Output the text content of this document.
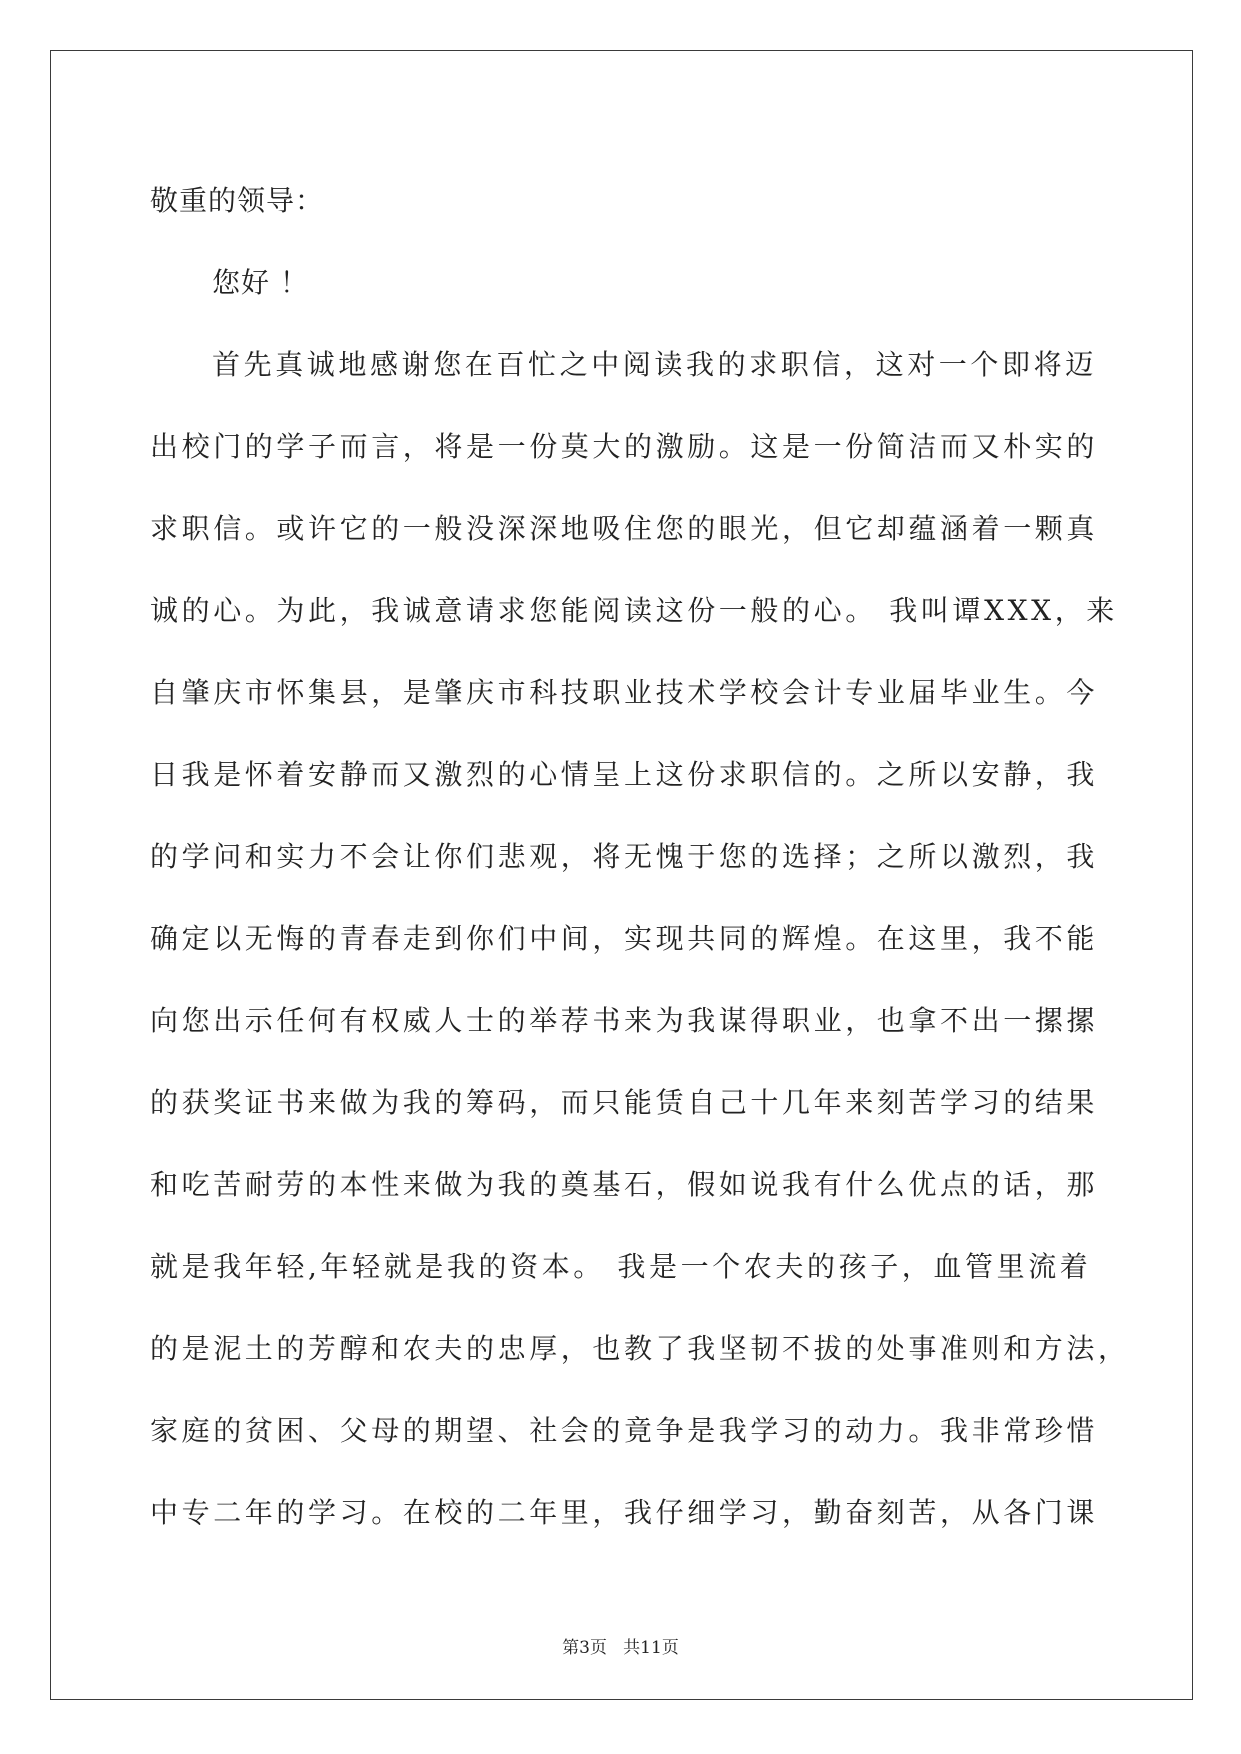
敬重的领导：

您好 ！

首先真诚地感谢您在百忙之中阅读我的求职信，这对一个即将迈

出校门的学子而言，将是一份莫大的激励。这是一份简洁而又朴实的

求职信。或许它的一般没深深地吸住您的眼光，但它却蕴涵着一颗真

诚的心。为此，我诚意请求您能阅读这份一般的心。 我叫谭XXX，来

自肇庆市怀集县，是肇庆市科技职业技术学校会计专业届毕业生。今

日我是怀着安静而又激烈的心情呈上这份求职信的。之所以安静，我

的学问和实力不会让你们悲观，将无愧于您的选择；之所以激烈，我

确定以无悔的青春走到你们中间，实现共同的辉煌。在这里，我不能

向您出示任何有权威人士的举荐书来为我谋得职业，也拿不出一摞摞

的获奖证书来做为我的筹码，而只能赁自己十几年来刻苦学习的结果

和吃苦耐劳的本性来做为我的奠基石，假如说我有什么优点的话，那

就是我年轻,年轻就是我的资本。 我是一个农夫的孩子，血管里流着

的是泥土的芳醇和农夫的忠厚，也教了我坚韧不拔的处事准则和方法，

家庭的贫困、父母的期望、社会的竟争是我学习的动力。我非常珍惜

中专二年的学习。在校的二年里，我仔细学习，勤奋刻苦，从各门课

第3页   共11页
